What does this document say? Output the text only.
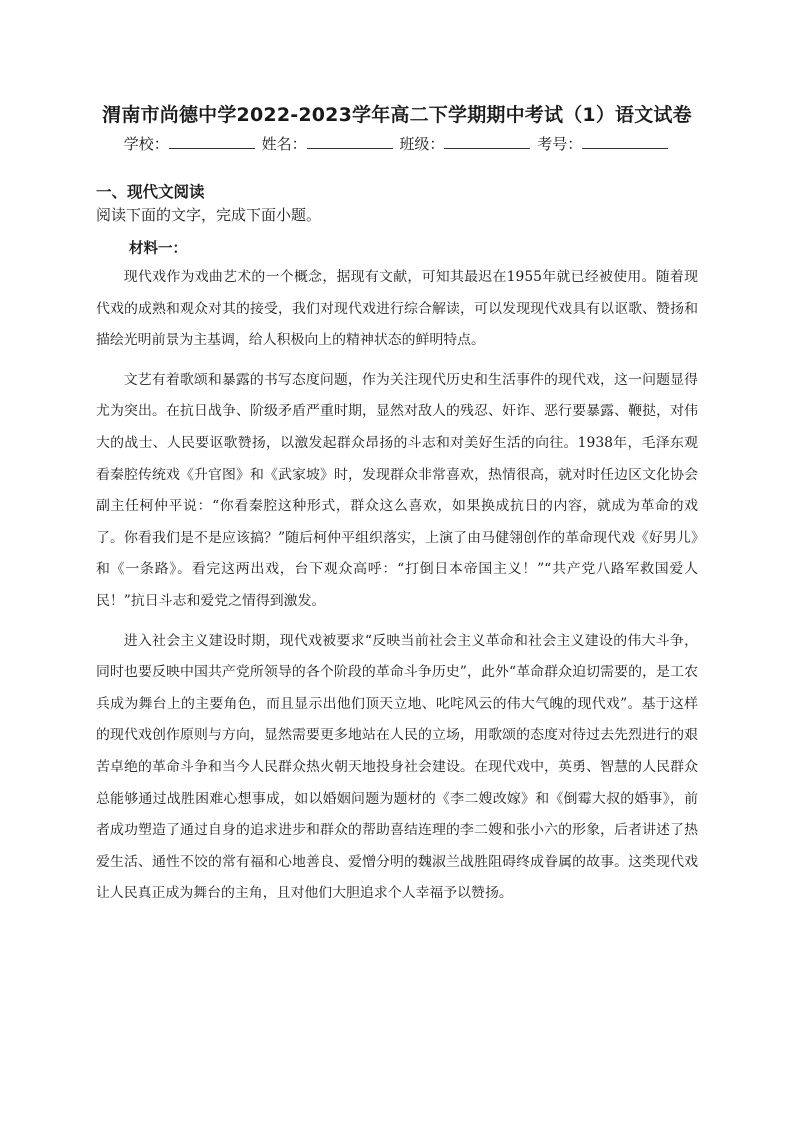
渭南市尚德中学2022-2023学年高二下学期期中考试（1）语文试卷
学校：	姓名：	班级：	考号：
一、现代文阅读
阅读下面的文字，完成下面小题。
材料一：

现代戏作为戏曲艺术的一个概念，据现有文献，可知其最迟在1955年就已经被使用。随着现代戏的成熟和观众对其的接受，我们对现代戏进行综合解读，可以发现现代戏具有以讴歌、赞扬和描绘光明前景为主基调，给人积极向上的精神状态的鲜明特点。

文艺有着歌颂和暴露的书写态度问题，作为关注现代历史和生活事件的现代戏，这一问题显得尤为突出。在抗日战争、阶级矛盾严重时期，显然对敌人的残忍、奸诈、恶行要暴露、鞭挞，对伟大的战士、人民要讴歌赞扬，以激发起群众昂扬的斗志和对美好生活的向往。1938年，毛泽东观看秦腔传统戏《升官图》和《武家坡》时，发现群众非常喜欢，热情很高，就对时任边区文化协会副主任柯仲平说：“你看秦腔这种形式，群众这么喜欢，如果换成抗日的内容，就成为革命的戏了。你看我们是不是应该搞？”随后柯仲平组织落实，上演了由马健翎创作的革命现代戏《好男儿》和《一条路》。看完这两出戏，台下观众高呼：“打倒日本帝国主义！”“共产党八路军救国爱人民！”抗日斗志和爱党之情得到激发。

进入社会主义建设时期，现代戏被要求“反映当前社会主义革命和社会主义建设的伟大斗争，同时也要反映中国共产党所领导的各个阶段的革命斗争历史”，此外“革命群众迫切需要的，是工农兵成为舞台上的主要角色，而且显示出他们顶天立地、叱咤风云的伟大气魄的现代戏”。基于这样的现代戏创作原则与方向，显然需要更多地站在人民的立场，用歌颂的态度对待过去先烈进行的艰苦卓绝的革命斗争和当今人民群众热火朝天地投身社会建设。在现代戏中，英勇、智慧的人民群众总能够通过战胜困难心想事成，如以婚姻问题为题材的《李二嫂改嫁》和《倒霉大叔的婚事》，前者成功塑造了通过自身的追求进步和群众的帮助喜结连理的李二嫂和张小六的形象，后者讲述了热爱生活、通性不饺的常有福和心地善良、爱憎分明的魏淑兰战胜阻碍终成眷属的故事。这类现代戏让人民真正成为舞台的主角，且对他们大胆追求个人幸福予以赞扬。
